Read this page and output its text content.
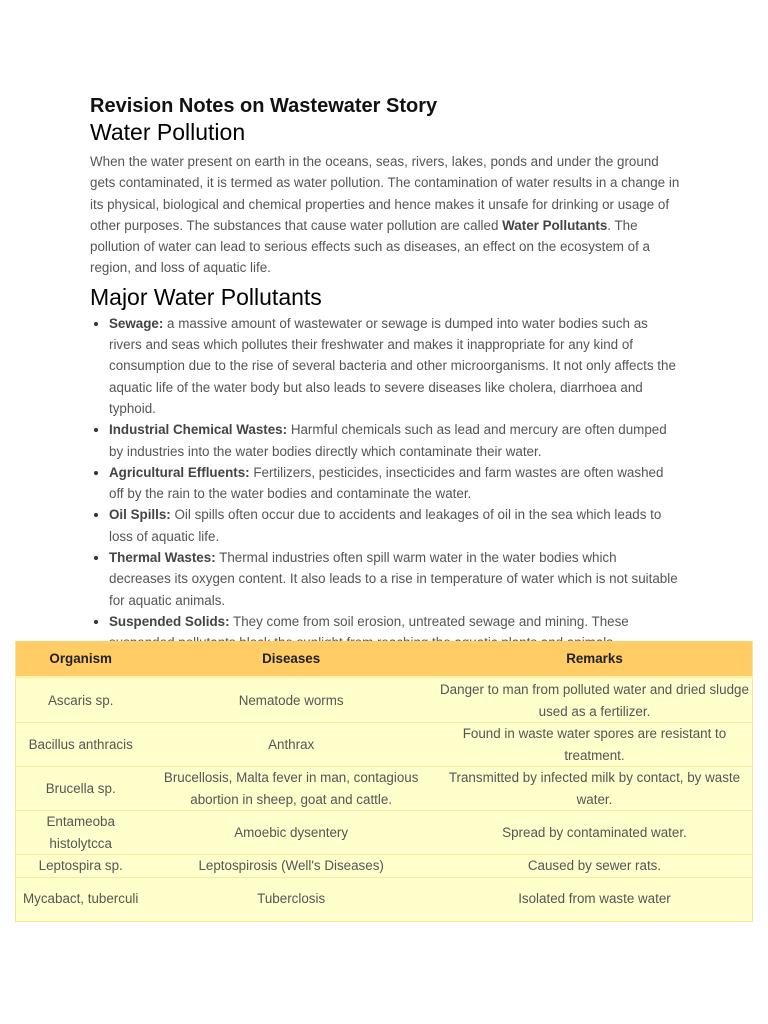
Revision Notes on Wastewater Story
Water Pollution

When the water present on earth in the oceans, seas, rivers, lakes, ponds and under the ground gets contaminated, it is termed as water pollution. The contamination of water results in a change in its physical, biological and chemical properties and hence makes it unsafe for drinking or usage of other purposes. The substances that cause water pollution are called Water Pollutants. The pollution of water can lead to serious effects such as diseases, an effect on the ecosystem of a region, and loss of aquatic life.

Major Water Pollutants
• Sewage: a massive amount of wastewater or sewage is dumped into water bodies such as rivers and seas which pollutes their freshwater and makes it inappropriate for any kind of consumption due to the rise of several bacteria and other microorganisms. It not only affects the aquatic life of the water body but also leads to severe diseases like cholera, diarrhoea and typhoid.
• Industrial Chemical Wastes: Harmful chemicals such as lead and mercury are often dumped by industries into the water bodies directly which contaminate their water.
• Agricultural Effluents: Fertilizers, pesticides, insecticides and farm wastes are often washed off by the rain to the water bodies and contaminate the water.
• Oil Spills: Oil spills often occur due to accidents and leakages of oil in the sea which leads to loss of aquatic life.
• Thermal Wastes: Thermal industries often spill warm water in the water bodies which decreases its oxygen content. It also leads to a rise in temperature of water which is not suitable for aquatic animals.
• Suspended Solids: They come from soil erosion, untreated sewage and mining. These
Organism	Diseases	Remarks
Ascaris sp.	Nematode worms	Danger to man from polluted water and dried sludge used as a fertilizer.
Bacillus anthracis	Anthrax	Found in waste water spores are resistant to treatment.
Brucella sp.	Brucellosis, Malta fever in man, contagious abortion in sheep, goat and cattle.	Transmitted by infected milk by contact, by waste water.
Entameoba histolytcca	Amoebic dysentery	Spread by contaminated water.
Leptospira sp.	Leptospirosis (Well's Diseases)	Caused by sewer rats.
Mycabact, tuberculi	Tuberclosis	Isolated from waste water
